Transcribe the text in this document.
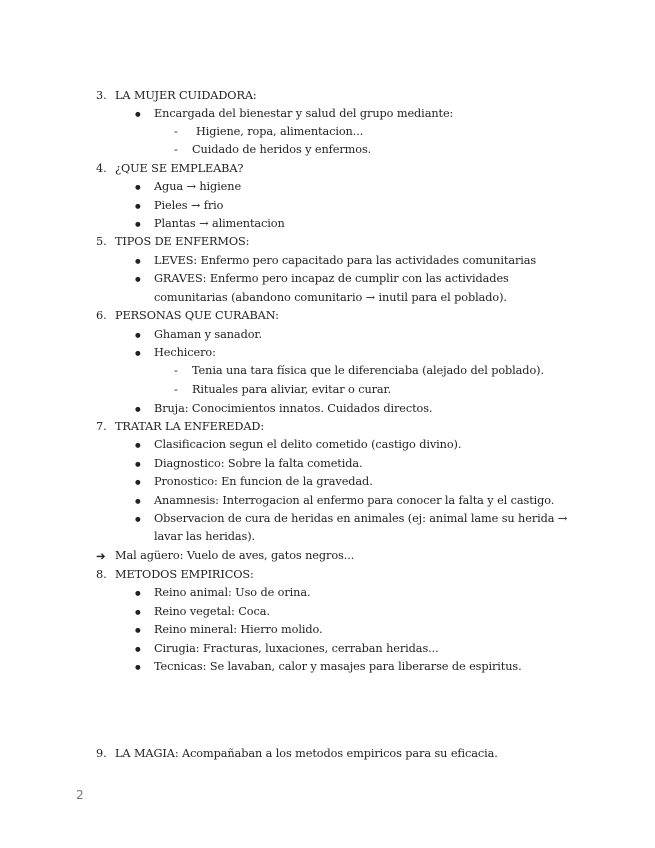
3. LA MUJER CUIDADORA:
● Encargada del bienestar y salud del grupo mediante:
- Higiene, ropa, alimentacion...
- Cuidado de heridos y enfermos.
4. ¿QUE SE EMPLEABA?
● Agua → higiene
● Pieles → frio
● Plantas → alimentacion
5. TIPOS DE ENFERMOS:
● LEVES: Enfermo pero capacitado para las actividades comunitarias
● GRAVES: Enfermo pero incapaz de cumplir con las actividades
comunitarias (abandono comunitario → inutil para el poblado).
6. PERSONAS QUE CURABAN:
● Ghaman y sanador.
● Hechicero:
- Tenia una tara física que le diferenciaba (alejado del poblado).
- Rituales para aliviar, evitar o curar.
● Bruja: Conocimientos innatos. Cuidados directos.
7. TRATAR LA ENFEREDAD:
● Clasificacion segun el delito cometido (castigo divino).
● Diagnostico: Sobre la falta cometida.
● Pronostico: En funcion de la gravedad.
● Anamnesis: Interrogacion al enfermo para conocer la falta y el castigo.
● Observacion de cura de heridas en animales (ej: animal lame su herida →
lavar las heridas).
➔ Mal agüero: Vuelo de aves, gatos negros...
8. METODOS EMPIRICOS:
● Reino animal: Uso de orina.
● Reino vegetal: Coca.
● Reino mineral: Hierro molido.
● Cirugia: Fracturas, luxaciones, cerraban heridas...
● Tecnicas: Se lavaban, calor y masajes para liberarse de espiritus.
9. LA MAGIA: Acompañaban a los metodos empiricos para su eficacia.
2
